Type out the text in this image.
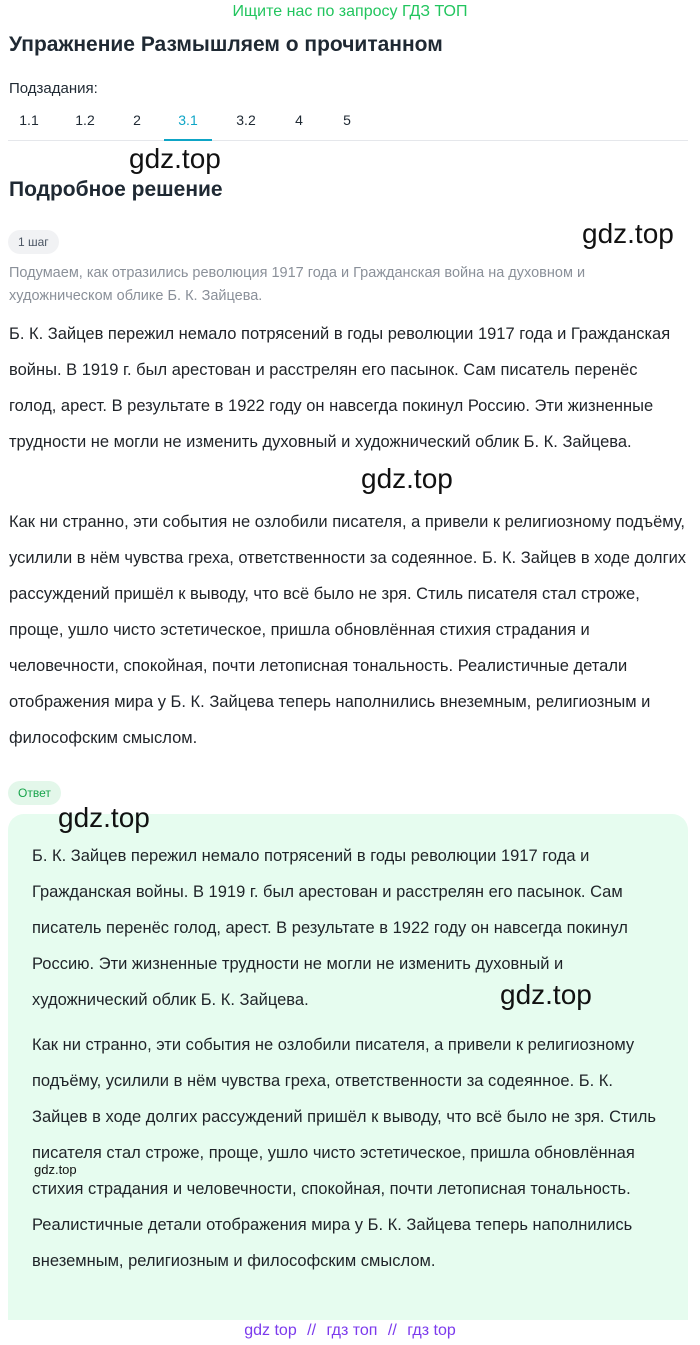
Ищите нас по запросу ГДЗ ТОП
Упражнение Размышляем о прочитанном
Подзадания:
1.1	1.2	2	3.1	3.2	4	5
gdz.top
Подробное решение
gdz.top
1 шаг
Подумаем, как отразились революция 1917 года и Гражданская война на духовном и художническом облике Б. К. Зайцева.
Б. К. Зайцев пережил немало потрясений в годы революции 1917 года и Гражданская войны. В 1919 г. был арестован и расстрелян его пасынок. Сам писатель перенёс голод, арест. В результате в 1922 году он навсегда покинул Россию. Эти жизненные трудности не могли не изменить духовный и художнический облик Б. К. Зайцева.
gdz.top
Как ни странно, эти события не озлобили писателя, а привели к религиозному подъёму, усилили в нём чувства греха, ответственности за содеянное. Б. К. Зайцев в ходе долгих рассуждений пришёл к выводу, что всё было не зря. Стиль писателя стал строже, проще, ушло чисто эстетическое, пришла обновлённая стихия страдания и человечности, спокойная, почти летописная тональность. Реалистичные детали отображения мира у Б. К. Зайцева теперь наполнились внеземным, религиозным и философским смыслом.
Ответ
Б. К. Зайцев пережил немало потрясений в годы революции 1917 года и Гражданская войны. В 1919 г. был арестован и расстрелян его пасынок. Сам писатель перенёс голод, арест. В результате в 1922 году он навсегда покинул Россию. Эти жизненные трудности не могли не изменить духовный и художнический облик Б. К. Зайцева.
Как ни странно, эти события не озлобили писателя, а привели к религиозному подъёму, усилили в нём чувства греха, ответственности за содеянное. Б. К. Зайцев в ходе долгих рассуждений пришёл к выводу, что всё было не зря. Стиль писателя стал строже, проще, ушло чисто эстетическое, пришла обновлённая стихия страдания и человечности, спокойная, почти летописная тональность. Реалистичные детали отображения мира у Б. К. Зайцева теперь наполнились внеземным, религиозным и философским смыслом.
gdz.top
gdz.top
gdz.top
gdz top // гдз топ // гдз top
